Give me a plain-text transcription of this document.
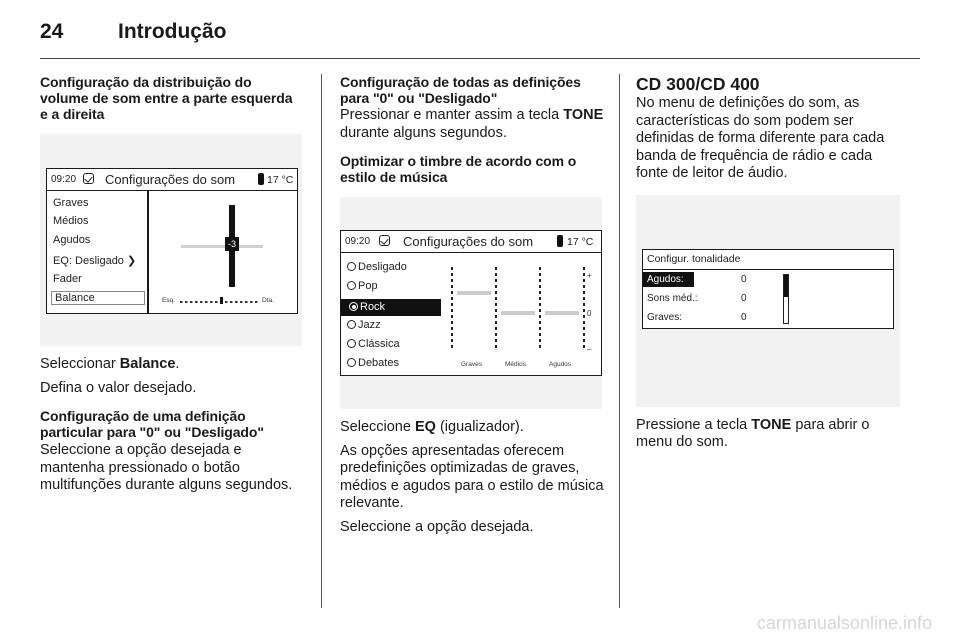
24	Introdução
Configuração da distribuição do volume de som entre a parte esquerda e a direita
09:20 Configurações do som	17 °C
Graves
Médios
Agudos
EQ: Desligado ❯
Fader
Balance
-3
Esq.	Dta.
Seleccionar Balance.
Defina o valor desejado.
Configuração de uma definição particular para "0" ou "Desligado"
Seleccione a opção desejada e mantenha pressionado o botão multifunções durante alguns segundos.
Configuração de todas as definições para "0" ou "Desligado"
Pressionar e manter assim a tecla TONE durante alguns segundos.
Optimizar o timbre de acordo com o estilo de música
09:20	Configurações do som	17 °C
Desligado
Pop
Rock
Jazz
Clássica
Debates
+
0
–
Graves	Médios	Agudos
Seleccione EQ (igualizador).
As opções apresentadas oferecem predefinições optimizadas de graves, médios e agudos para o estilo de música relevante.
Seleccione a opção desejada.
CD 300/CD 400
No menu de definições do som, as características do som podem ser definidas de forma diferente para cada banda de frequência de rádio e cada fonte de leitor de áudio.
Configur. tonalidade
Agudos:	0
Sons méd.:	0
Graves:	0
Pressione a tecla TONE para abrir o menu do som.
carmanualsonline.info
